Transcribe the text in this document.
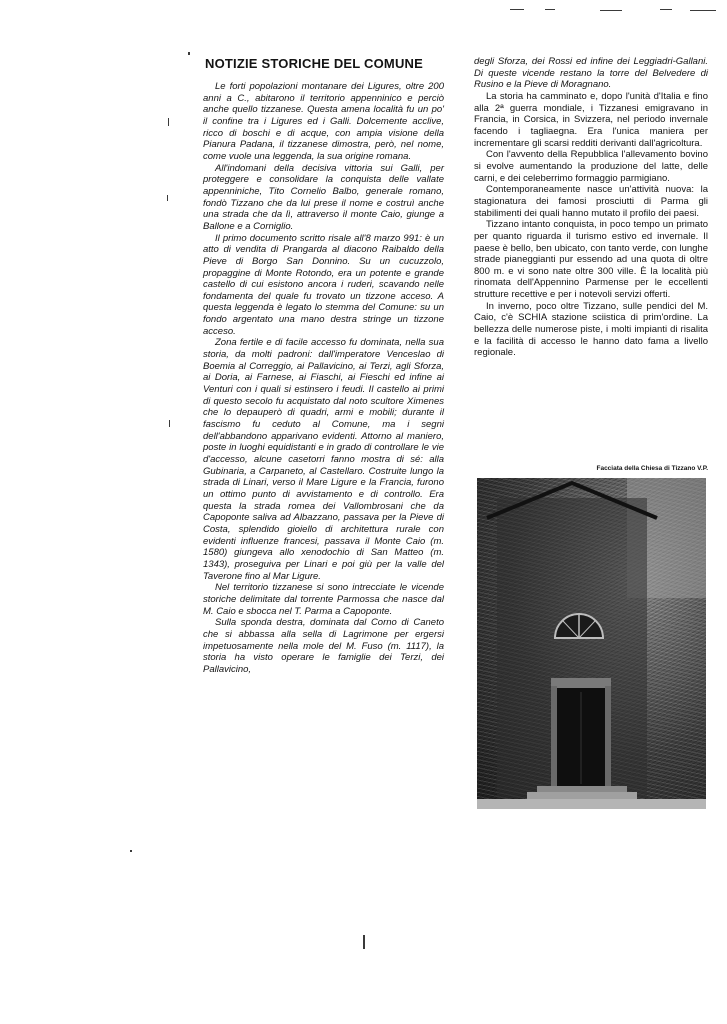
NOTIZIE STORICHE DEL COMUNE

Le forti popolazioni montanare dei Ligures, oltre 200 anni a C., abitarono il territorio appenninico e perciò anche quello tizzanese. Questa amena località fu un po' il confine tra i Ligures ed i Galli. Dolcemente acclive, ricco di boschi e di acque, con ampia visione della Pianura Padana, il tizzanese dimostra, però, nel nome, come vuole una leggenda, la sua origine romana.

All'indomani della decisiva vittoria sui Galli, per proteggere e consolidare la conquista delle vallate appenniniche, Tito Cornelio Balbo, generale romano, fondò Tizzano che da lui prese il nome e costruì anche una strada che da lì, attraverso il monte Caio, giunge a Ballone e a Corniglio.

Il primo documento scritto risale all'8 marzo 991: è un atto di vendita di Prangarda al diacono Raibaldo della Pieve di Borgo San Donnino. Su un cucuzzolo, propaggine di Monte Rotondo, era un potente e grande castello di cui esistono ancora i ruderi, scavando nelle fondamenta del quale fu trovato un tizzone acceso. A questa leggenda è legato lo stemma del Comune: su un fondo argentato una mano destra stringe un tizzone acceso.

Zona fertile e di facile accesso fu dominata, nella sua storia, da molti padroni: dall'imperatore Venceslao di Boemia al Correggio, ai Pallavicino, ai Terzi, agli Sforza, ai Doria, ai Farnese, ai Fiaschi, ai Fieschi ed infine ai Venturi con i quali si estinsero i feudi. Il castello ai primi di questo secolo fu acquistato dal noto scultore Ximenes che lo depauperò di quadri, armi e mobili; durante il fascismo fu ceduto al Comune, ma i segni dell'abbandono apparivano evidenti. Attorno al maniero, poste in luoghi equidistanti e in grado di controllare le vie d'accesso, alcune casetorri fanno mostra di sé: alla Gubinaria, a Carpaneto, al Castellaro. Costruite lungo la strada di Linari, verso il Mare Ligure e la Francia, furono un ottimo punto di avvistamento e di controllo. Era questa la strada romea dei Vallombrosani che da Capoponte saliva ad Albazzano, passava per la Pieve di Costa, splendido gioiello di architettura rurale con evidenti influenze francesi, passava il Monte Caio (m. 1580) giungeva allo xenodochio di San Matteo (m. 1343), proseguiva per Linari e poi giù per la valle del Taverone fino al Mar Ligure.

Nel territorio tizzanese si sono intrecciate le vicende storiche delimitate dal torrente Parmossa che nasce dal M. Caio e sbocca nel T. Parma a Capoponte.

Sulla sponda destra, dominata dal Corno di Caneto che si abbassa alla sella di Lagrimone per ergersi impetuosamente nella mole del M. Fuso (m. 1117), la storia ha visto operare le famiglie dei Terzi, dei Pallavicino,

degli Sforza, dei Rossi ed infine dei Leggiadri-Gallani. Di queste vicende restano la torre del Belvedere di Rusino e la Pieve di Moragnano.

La storia ha camminato e, dopo l'unità d'Italia e fino alla 2ª guerra mondiale, i Tizzanesi emigravano in Francia, in Corsica, in Svizzera, nel periodo invernale facendo i tagliaegna. Era l'unica maniera per incrementare gli scarsi redditi derivanti dall'agricoltura.

Con l'avvento della Repubblica l'allevamento bovino si evolve aumentando la produzione del latte, delle carni, e dei celeberrimo formaggio parmigiano.

Contemporaneamente nasce un'attività nuova: la stagionatura dei famosi prosciutti di Parma gli stabilimenti dei quali hanno mutato il profilo dei paesi.

Tizzano intanto conquista, in poco tempo un primato per quanto riguarda il turismo estivo ed invernale. Il paese è bello, ben ubicato, con tanto verde, con lunghe strade pianeggianti pur essendo ad una quota di oltre 800 m. e vi sono nate oltre 300 ville. È la località più rinomata dell'Appennino Parmense per le eccellenti strutture recettive e per i notevoli servizi offerti.

In inverno, poco oltre Tizzano, sulle pendici del M. Caio, c'è SCHIA stazione sciistica di prim'ordine. La bellezza delle numerose piste, i molti impianti di risalita e la facilità di accesso le hanno dato fama a livello regionale.

Facciata della Chiesa di Tizzano V.P.
